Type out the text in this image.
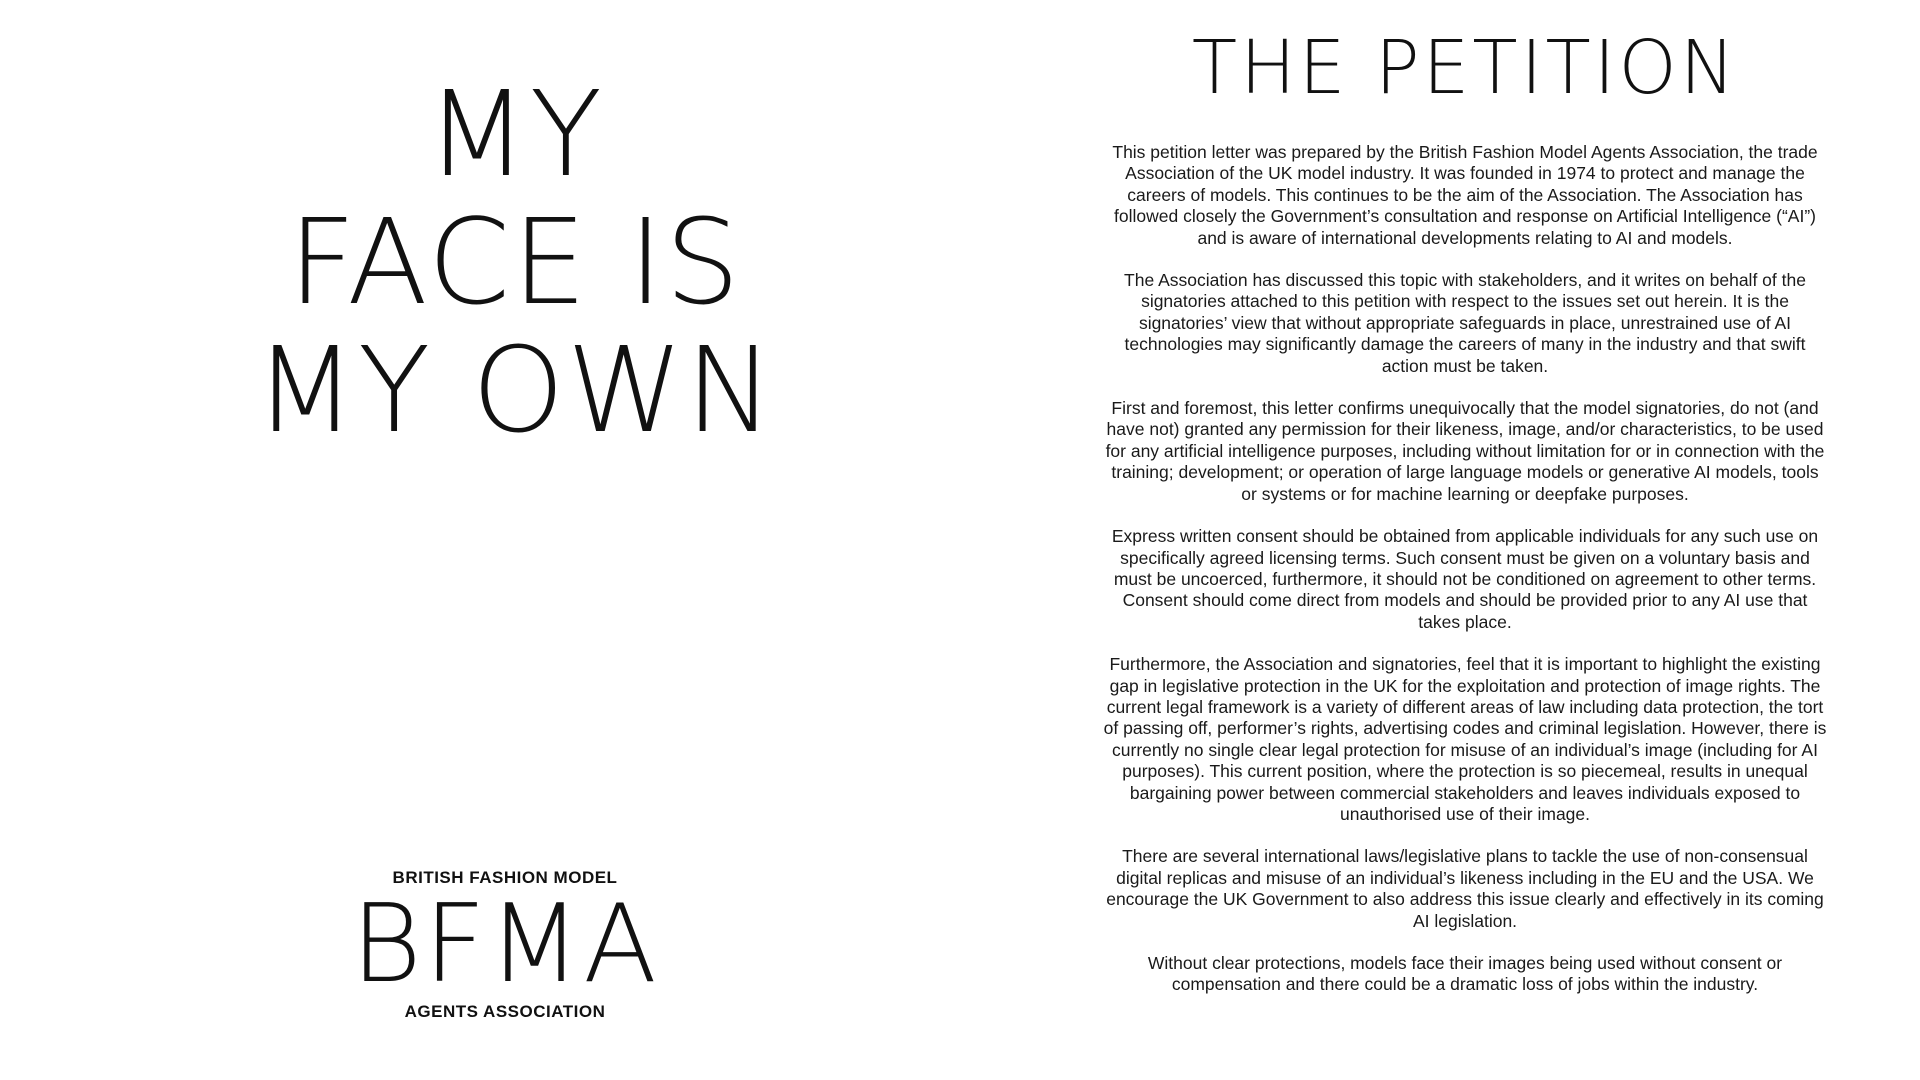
MY
FACE IS
MY OWN
BRITISH FASHION MODEL
BFMA
AGENTS ASSOCIATION
THE PETITION

This petition letter was prepared by the British Fashion Model Agents Association, the trade Association of the UK model industry. It was founded in 1974 to protect and manage the careers of models. This continues to be the aim of the Association. The Association has followed closely the Government’s consultation and response on Artificial Intelligence (“AI”) and is aware of international developments relating to AI and models.

The Association has discussed this topic with stakeholders, and it writes on behalf of the signatories attached to this petition with respect to the issues set out herein. It is the signatories’ view that without appropriate safeguards in place, unrestrained use of AI technologies may significantly damage the careers of many in the industry and that swift action must be taken.

First and foremost, this letter confirms unequivocally that the model signatories, do not (and have not) granted any permission for their likeness, image, and/or characteristics, to be used for any artificial intelligence purposes, including without limitation for or in connection with the training; development; or operation of large language models or generative AI models, tools or systems or for machine learning or deepfake purposes.

Express written consent should be obtained from applicable individuals for any such use on specifically agreed licensing terms. Such consent must be given on a voluntary basis and must be uncoerced, furthermore, it should not be conditioned on agreement to other terms. Consent should come direct from models and should be provided prior to any AI use that takes place.

Furthermore, the Association and signatories, feel that it is important to highlight the existing gap in legislative protection in the UK for the exploitation and protection of image rights. The current legal framework is a variety of different areas of law including data protection, the tort of passing off, performer’s rights, advertising codes and criminal legislation. However, there is currently no single clear legal protection for misuse of an individual’s image (including for AI purposes). This current position, where the protection is so piecemeal, results in unequal bargaining power between commercial stakeholders and leaves individuals exposed to unauthorised use of their image.

There are several international laws/legislative plans to tackle the use of non-consensual digital replicas and misuse of an individual’s likeness including in the EU and the USA. We encourage the UK Government to also address this issue clearly and effectively in its coming AI legislation.

Without clear protections, models face their images being used without consent or compensation and there could be a dramatic loss of jobs within the industry.
